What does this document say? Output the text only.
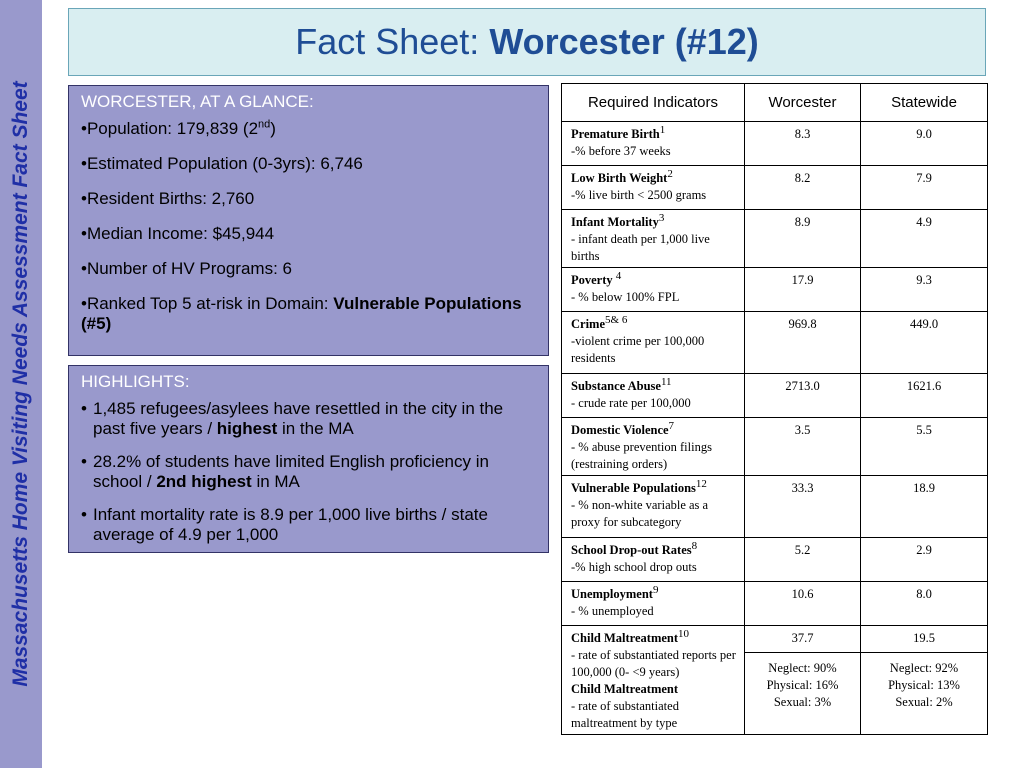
Massachusetts Home Visiting Needs Assessment Fact Sheet
Fact Sheet: Worcester (#12)
WORCESTER, AT A GLANCE:
•Population: 179,839 (2nd)
•Estimated Population (0-3yrs): 6,746
•Resident Births: 2,760
•Median Income: $45,944
•Number of HV Programs: 6
•Ranked Top 5 at-risk in Domain: Vulnerable Populations (#5)
HIGHLIGHTS:
• 1,485 refugees/asylees have resettled in the city in the past five years / highest in the MA
• 28.2% of students have limited English proficiency in school / 2nd highest in MA
• Infant mortality rate is 8.9 per 1,000 live births / state average of 4.9 per 1,000
Required Indicators	Worcester	Statewide
Premature Birth$^1$
-% before 37 weeks	8.3	9.0
Low Birth Weight$^2$
-% live birth < 2500 grams	8.2	7.9
Infant Mortality$^3$
- infant death per 1,000 live births	8.9	4.9
Poverty $^4$
- % below 100% FPL	17.9	9.3
Crime$^{5\& 6}$
-violent crime per 100,000 residents	969.8	449.0
Substance Abuse$^{11}$
- crude rate per 100,000	2713.0	1621.6
Domestic Violence$^7$
- % abuse prevention filings (restraining orders)	3.5	5.5
Vulnerable Populations$^{12}$
- % non-white variable as a proxy for subcategory	33.3	18.9
School Drop-out Rates$^8$
-% high school drop outs	5.2	2.9
Unemployment$^9$
- % unemployed	10.6	8.0
Child Maltreatment$^{10}$
- rate of substantiated reports per 100,000 (0- <9 years)
Child Maltreatment
- rate of substantiated maltreatment by type	37.7	19.5
	Neglect: 90%
Physical: 16%
Sexual: 3%	Neglect: 92%
Physical: 13%
Sexual: 2%
